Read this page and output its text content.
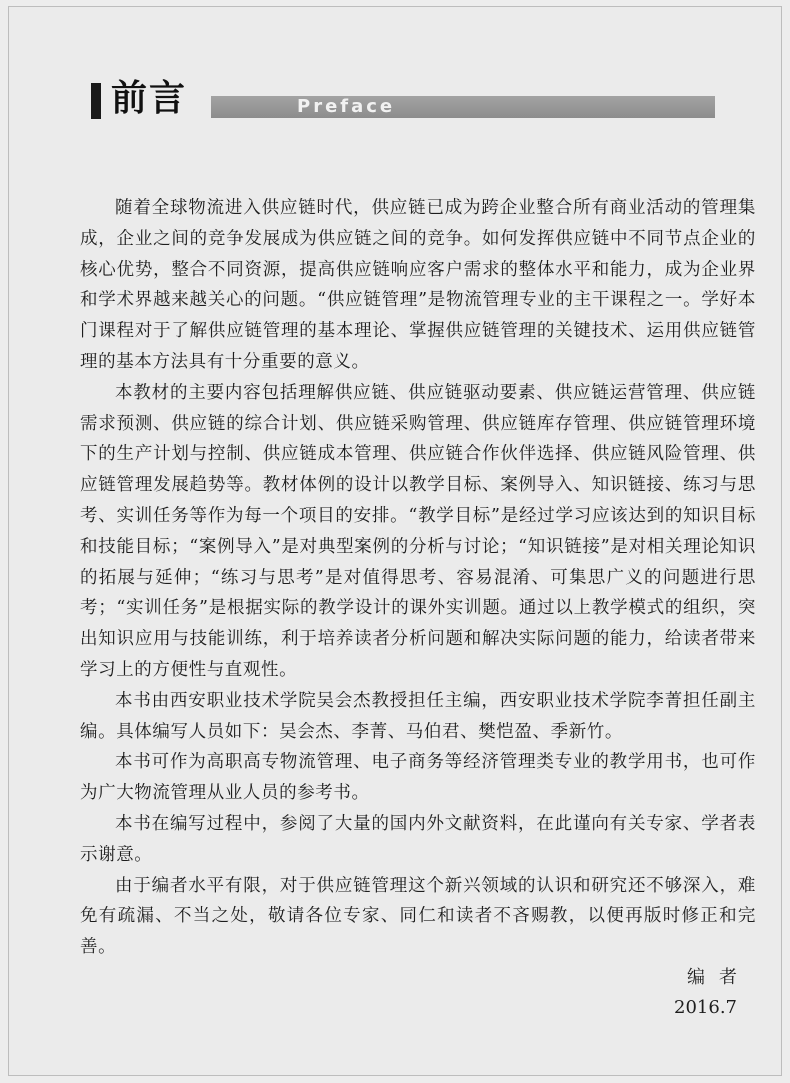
前言	Preface

随着全球物流进入供应链时代，供应链已成为跨企业整合所有商业活动的管理集成，企业之间的竞争发展成为供应链之间的竞争。如何发挥供应链中不同节点企业的核心优势，整合不同资源，提高供应链响应客户需求的整体水平和能力，成为企业界和学术界越来越关心的问题。“供应链管理”是物流管理专业的主干课程之一。学好本门课程对于了解供应链管理的基本理论、掌握供应链管理的关键技术、运用供应链管理的基本方法具有十分重要的意义。

本教材的主要内容包括理解供应链、供应链驱动要素、供应链运营管理、供应链需求预测、供应链的综合计划、供应链采购管理、供应链库存管理、供应链管理环境下的生产计划与控制、供应链成本管理、供应链合作伙伴选择、供应链风险管理、供应链管理发展趋势等。教材体例的设计以教学目标、案例导入、知识链接、练习与思考、实训任务等作为每一个项目的安排。“教学目标”是经过学习应该达到的知识目标和技能目标；“案例导入”是对典型案例的分析与讨论；“知识链接”是对相关理论知识的拓展与延伸；“练习与思考”是对值得思考、容易混淆、可集思广义的问题进行思考；“实训任务”是根据实际的教学设计的课外实训题。通过以上教学模式的组织，突出知识应用与技能训练，利于培养读者分析问题和解决实际问题的能力，给读者带来学习上的方便性与直观性。

本书由西安职业技术学院吴会杰教授担任主编，西安职业技术学院李菁担任副主编。具体编写人员如下：吴会杰、李菁、马伯君、樊恺盈、季新竹。

本书可作为高职高专物流管理、电子商务等经济管理类专业的教学用书，也可作为广大物流管理从业人员的参考书。

本书在编写过程中，参阅了大量的国内外文献资料，在此谨向有关专家、学者表示谢意。

由于编者水平有限，对于供应链管理这个新兴领域的认识和研究还不够深入，难免有疏漏、不当之处，敬请各位专家、同仁和读者不吝赐教，以便再版时修正和完善。

编者
2016.7
